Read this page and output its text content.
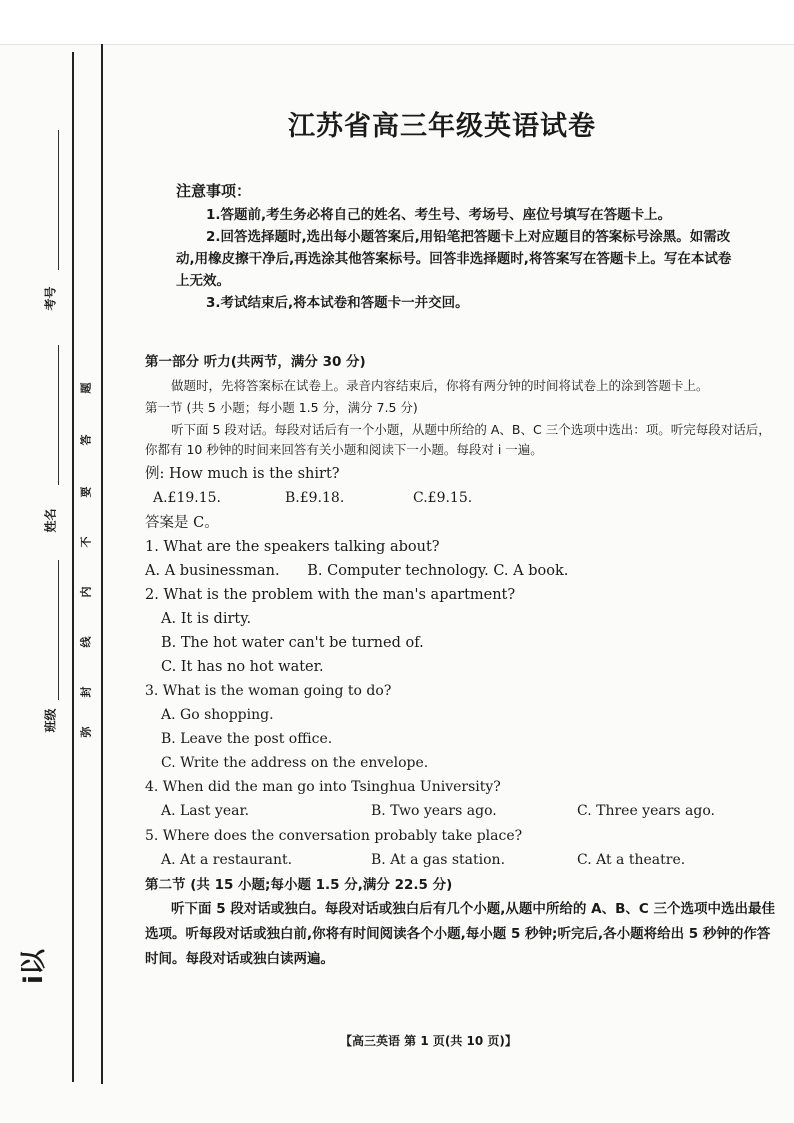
考号
姓名
班级
题
答
要
不
内
线
封
弥
i以
江苏省高三年级英语试卷

注意事项：

1.答题前,考生务必将自己的姓名、考生号、考场号、座位号填写在答题卡上。

2.回答选择题时,选出每小题答案后,用铅笔把答题卡上对应题目的答案标号涂黑。如需改动,用橡皮擦干净后,再选涂其他答案标号。回答非选择题时,将答案写在答题卡上。写在本试卷上无效。

3.考试结束后,将本试卷和答题卡一并交回。

第一部分 听力(共两节，满分 30 分)

做题时，先将答案标在试卷上。录音内容结束后，你将有两分钟的时间将试卷上的涂到答题卡上。

第一节 (共 5 小题；每小题 1.5 分，满分 7.5 分)

听下面 5 段对话。每段对话后有一个小题，从题中所给的 A、B、C 三个选项中选出：项。听完每段对话后，你都有 10 秒钟的时间来回答有关小题和阅读下一小题。每段对 i 一遍。

例: How much is the shirt?

A.£19.15.	B.£9.18.	C.£9.15.

答案是 C。

1. What are the speakers talking about?

A. A businessman.      B. Computer technology. C. A book.

2. What is the problem with the man's apartment?

A. It is dirty.

B. The hot water can't be turned of.

C. It has no hot water.

3. What is the woman going to do?

A. Go shopping.

B. Leave the post office.

C. Write the address on the envelope.

4. When did the man go into Tsinghua University?

A. Last year.	B. Two years ago.	C. Three years ago.

5. Where does the conversation probably take place?

A. At a restaurant.	B. At a gas station.	C. At a theatre.

第二节 (共 15 小题;每小题 1.5 分,满分 22.5 分)

听下面 5 段对话或独白。每段对话或独白后有几个小题,从题中所给的 A、B、C 三个选项中选出最佳选项。听每段对话或独白前,你将有时间阅读各个小题,每小题 5 秒钟;听完后,各小题将给出 5 秒钟的作答时间。每段对话或独白读两遍。

【高三英语 第 1 页(共 10 页)】
